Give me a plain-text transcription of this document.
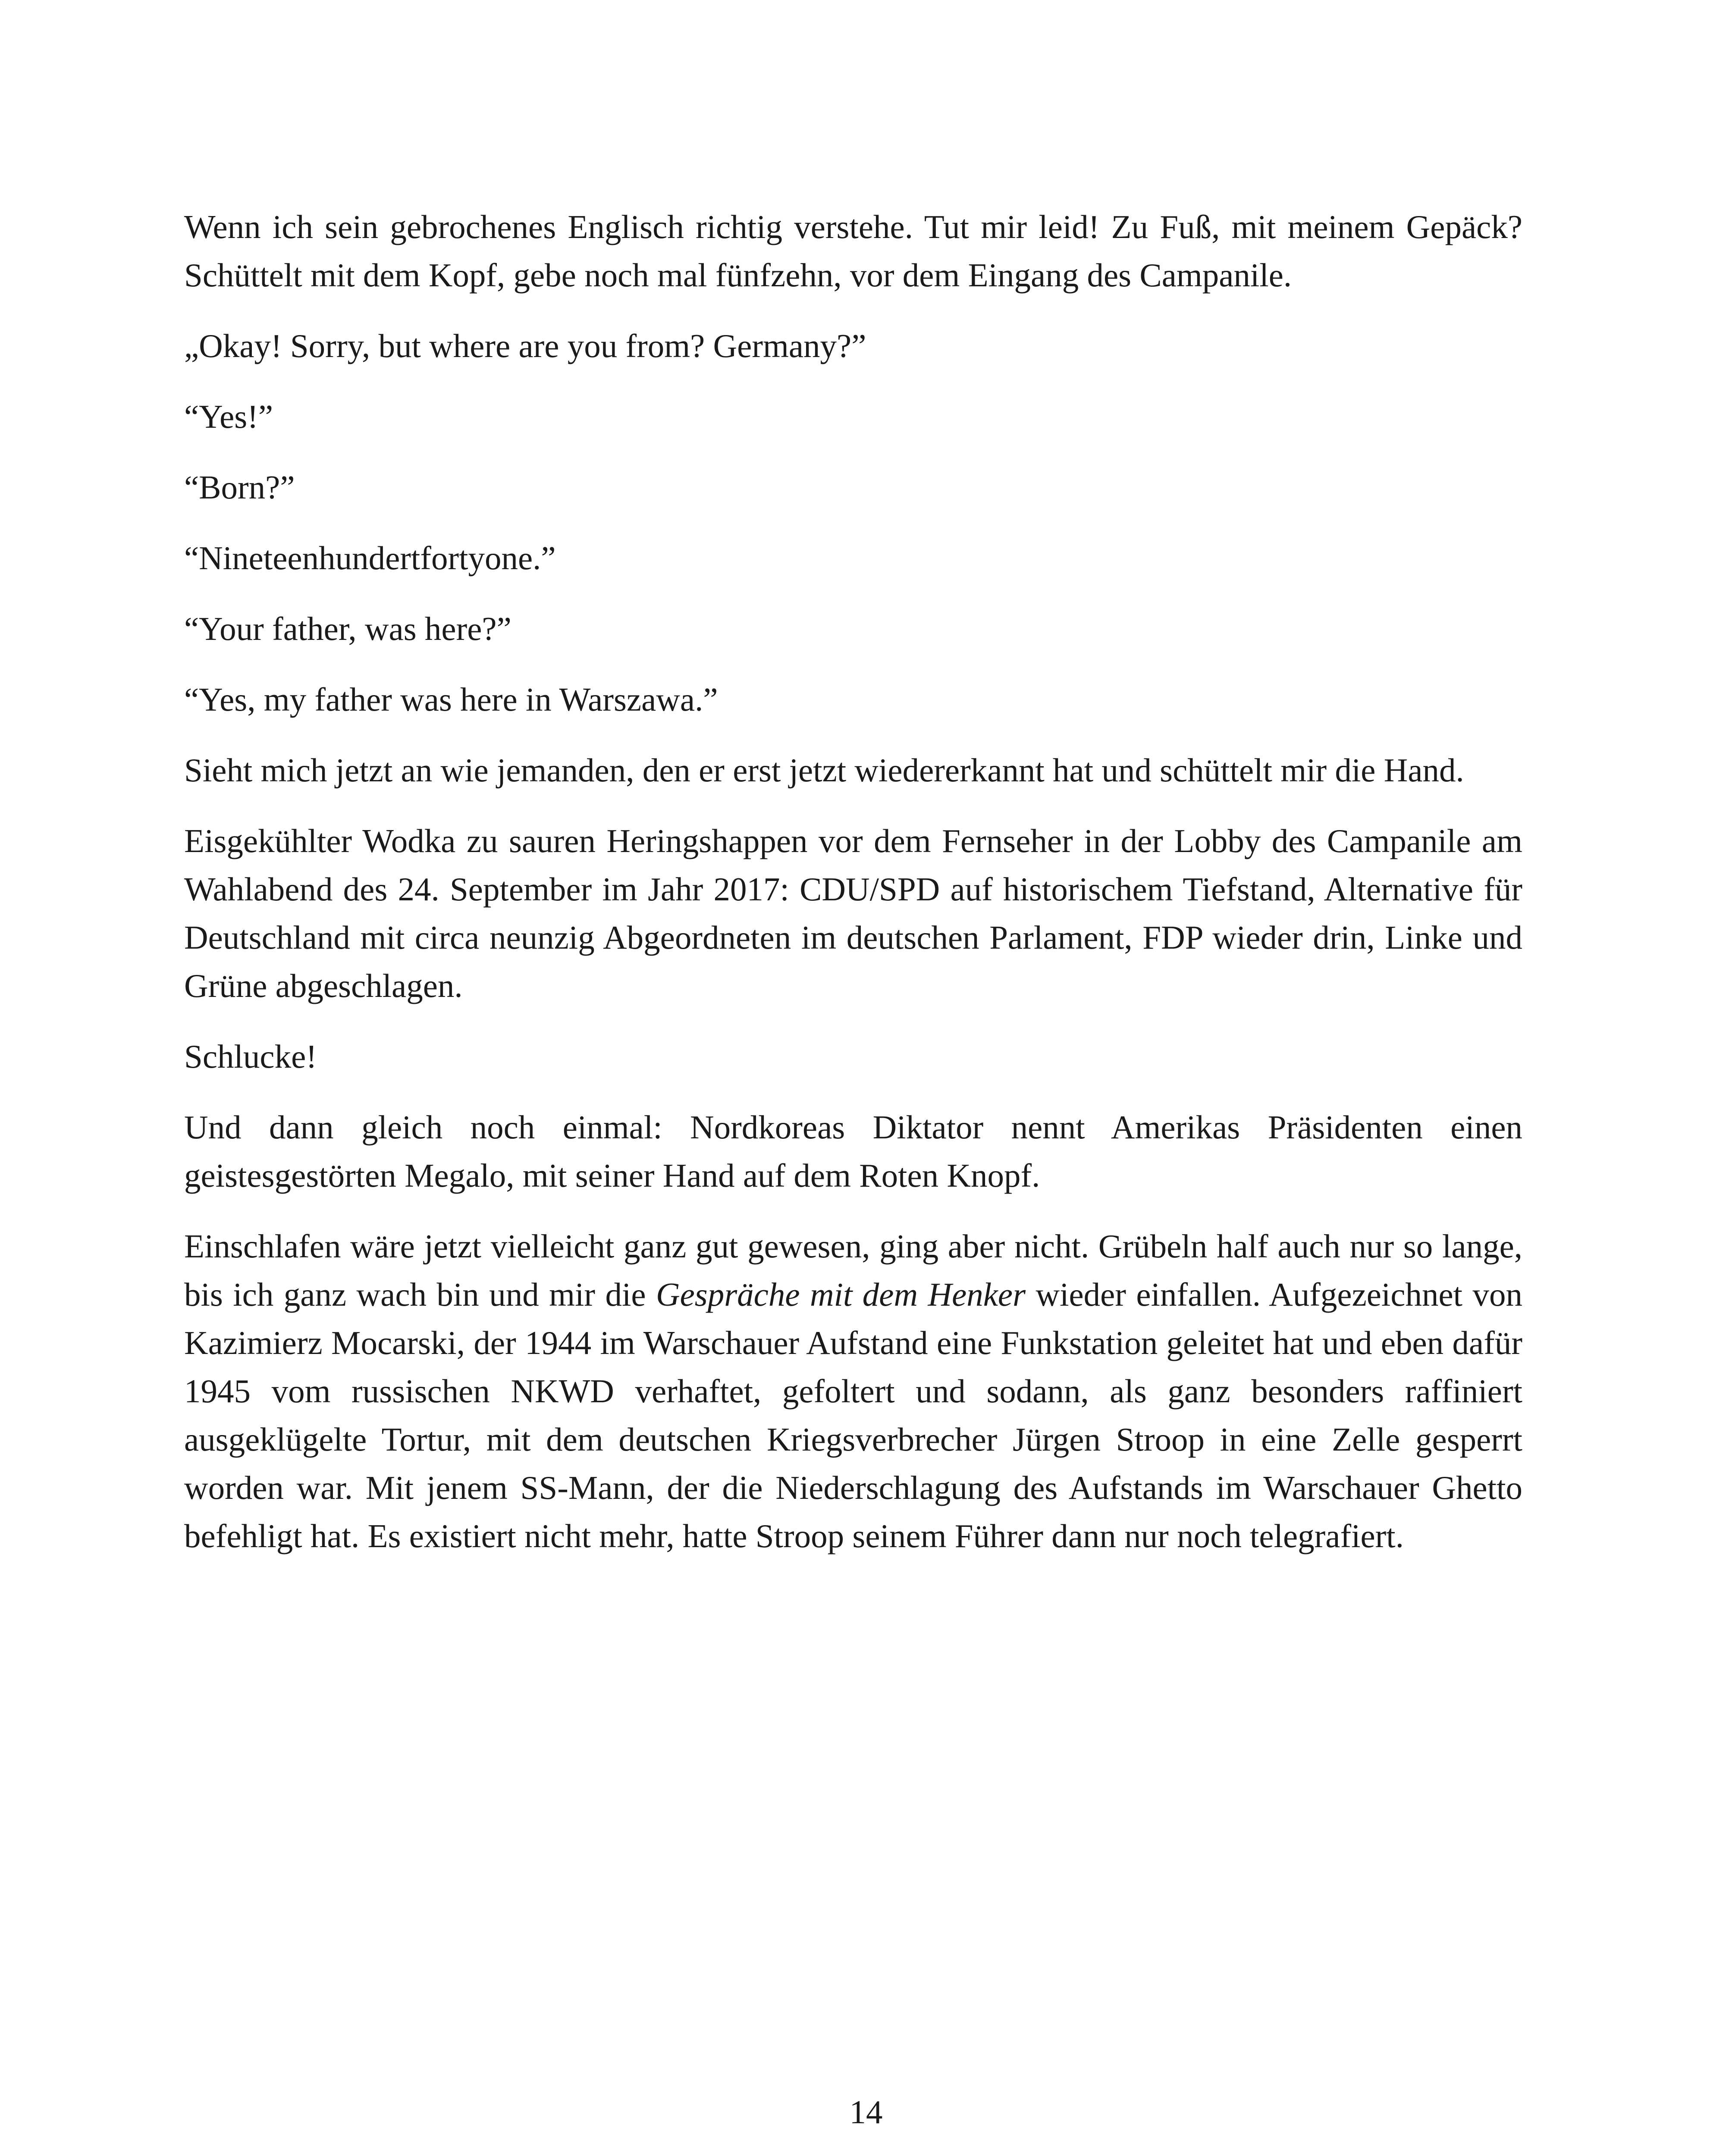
Wenn ich sein gebrochenes Englisch richtig verstehe. Tut mir leid! Zu Fuß, mit meinem Gepäck? Schüttelt mit dem Kopf, gebe noch mal fünfzehn, vor dem Eingang des Campanile.

„Okay! Sorry, but where are you from? Germany?”

“Yes!”

“Born?”

“Nineteenhundertfortyone.”

“Your father, was here?”

“Yes, my father was here in Warszawa.”

Sieht mich jetzt an wie jemanden, den er erst jetzt wiedererkannt hat und schüttelt mir die Hand.

Eisgekühlter Wodka zu sauren Heringshappen vor dem Fernseher in der Lobby des Campanile am Wahlabend des 24. September im Jahr 2017: CDU/SPD auf historischem Tiefstand, Alternative für Deutschland mit circa neunzig Abgeordneten im deutschen Parlament, FDP wieder drin, Linke und Grüne abgeschlagen.

Schlucke!

Und dann gleich noch einmal: Nordkoreas Diktator nennt Amerikas Präsidenten einen geistesgestörten Megalo, mit seiner Hand auf dem Roten Knopf.

Einschlafen wäre jetzt vielleicht ganz gut gewesen, ging aber nicht. Grübeln half auch nur so lange, bis ich ganz wach bin und mir die Gespräche mit dem Henker wieder einfallen. Aufgezeichnet von Kazimierz Mocarski, der 1944 im Warschauer Aufstand eine Funkstation geleitet hat und eben dafür 1945 vom russischen NKWD verhaftet, gefoltert und sodann, als ganz besonders raffiniert ausgeklügelte Tortur, mit dem deutschen Kriegsverbrecher Jürgen Stroop in eine Zelle gesperrt worden war. Mit jenem SS-Mann, der die Niederschlagung des Aufstands im Warschauer Ghetto befehligt hat. Es existiert nicht mehr, hatte Stroop seinem Führer dann nur noch telegrafiert.

14
